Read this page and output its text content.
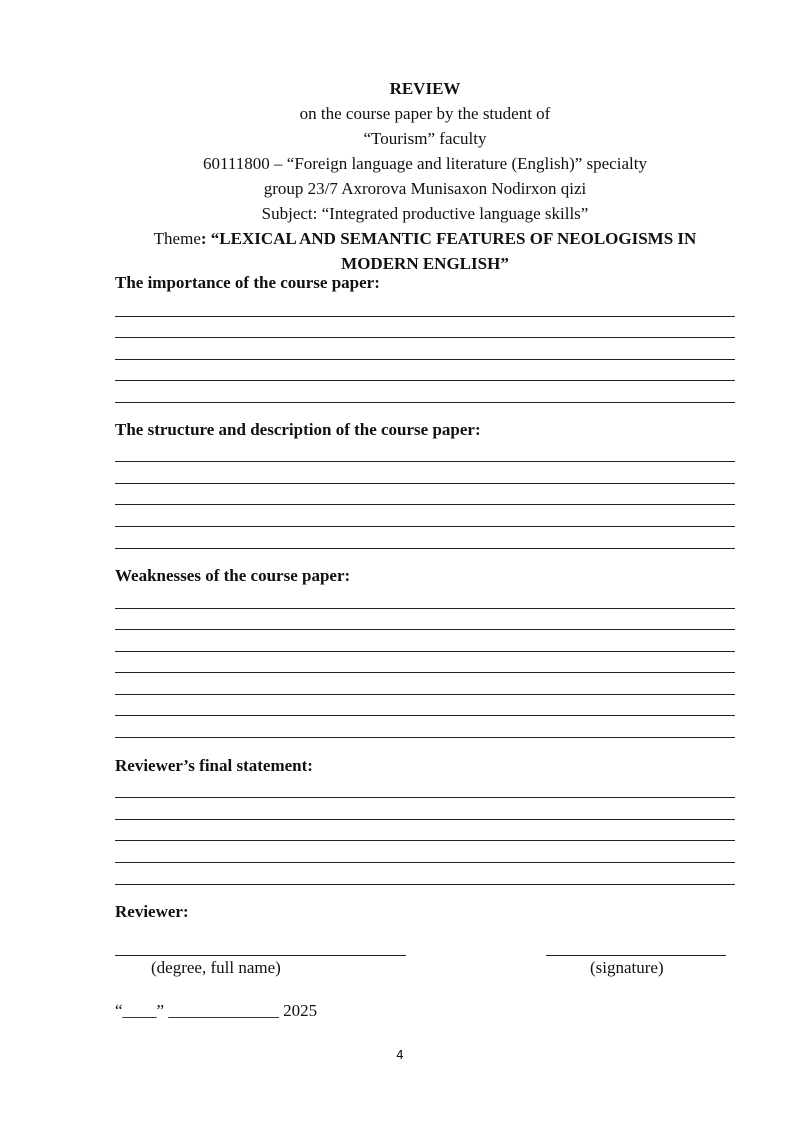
REVIEW
on the course paper by the student of
“Tourism” faculty
60111800 – “Foreign language and literature (English)” specialty
group 23/7 Axrorova Munisaxon Nodirxon qizi
Subject: “Integrated productive language skills”
Theme: “LEXICAL AND SEMANTIC FEATURES OF NEOLOGISMS IN MODERN ENGLISH”
The importance of the course paper:
The structure and description of the course paper:
Weaknesses of the course paper:
Reviewer’s final statement:
Reviewer:
(degree, full name)	(signature)
“____” _____________ 2025
4
